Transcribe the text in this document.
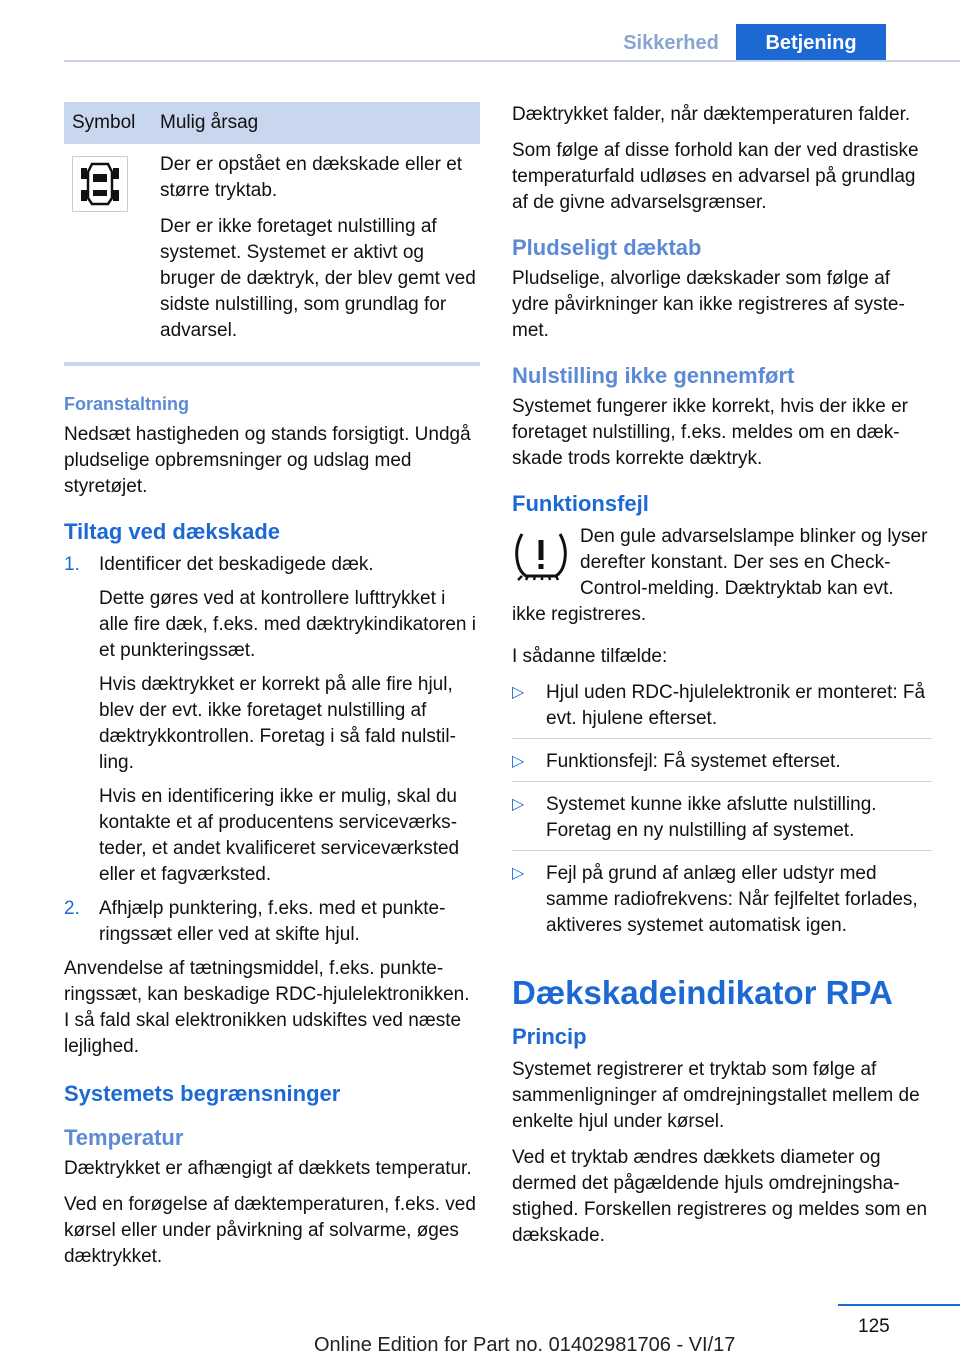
Sikkerhed	Betjening
Symbol	Mulig årsag

Der er opstået en dækskade eller et større tryktab.

Der er ikke foretaget nulstilling af systemet. Systemet er aktivt og bruger de dæktryk, der blev gemt ved sidste nulstilling, som grundlag for advarsel.

Foranstaltning

Nedsæt hastigheden og stands forsigtigt. Undgå pludselige opbremsninger og udslag med styretøjet.

Tiltag ved dækskade
1. Identificer det beskadigede dæk.

Dette gøres ved at kontrollere lufttrykket i alle fire dæk, f.eks. med dæktrykindikatoren i et punkteringssæt.

Hvis dæktrykket er korrekt på alle fire hjul, blev der evt. ikke foretaget nulstilling af dæktrykkontrollen. Foretag i så fald nulstilling.

Hvis en identificering ikke er mulig, skal du kontakte et af producentens serviceværksteder, et andet kvalificeret serviceværksted eller et fagværksted.

2. Afhjælp punktering, f.eks. med et punkteringssæt eller ved at skifte hjul.

Anvendelse af tætningsmiddel, f.eks. punkteringssæt, kan beskadige RDC-hjulelektronikken. I så fald skal elektronikken udskiftes ved næste lejlighed.

Systemets begrænsninger
Temperatur

Dæktrykket er afhængigt af dækkets temperatur.

Ved en forøgelse af dæktemperaturen, f.eks. ved kørsel eller under påvirkning af solvarme, øges dæktrykket.

Dæktrykket falder, når dæktemperaturen falder.

Som følge af disse forhold kan der ved drastiske temperaturfald udløses en advarsel på grundlag af de givne advarselsgrænser.

Pludseligt dæktab

Pludselige, alvorlige dækskader som følge af ydre påvirkninger kan ikke registreres af systemet.

Nulstilling ikke gennemført

Systemet fungerer ikke korrekt, hvis der ikke er foretaget nulstilling, f.eks. meldes om en dækskade trods korrekte dæktryk.

Funktionsfejl

Den gule advarselslampe blinker og lyser derefter konstant. Der ses en Check-Control-melding. Dæktryktab kan evt. ikke registreres.

I sådanne tilfælde:

▷ Hjul uden RDC-hjulelektronik er monteret: Få evt. hjulene efterset.
▷ Funktionsfejl: Få systemet efterset.
▷ Systemet kunne ikke afslutte nulstilling. Foretag en ny nulstilling af systemet.
▷ Fejl på grund af anlæg eller udstyr med samme radiofrekvens: Når fejlfeltet forlades, aktiveres systemet automatisk igen.
Dækskadeindikator RPA
Princip

Systemet registrerer et tryktab som følge af sammenligninger af omdrejningstallet mellem de enkelte hjul under kørsel.

Ved et tryktab ændres dækkets diameter og dermed det pågældende hjuls omdrejningshastighed. Forskellen registreres og meldes som en dækskade.

125
Online Edition for Part no. 01402981706 - VI/17
